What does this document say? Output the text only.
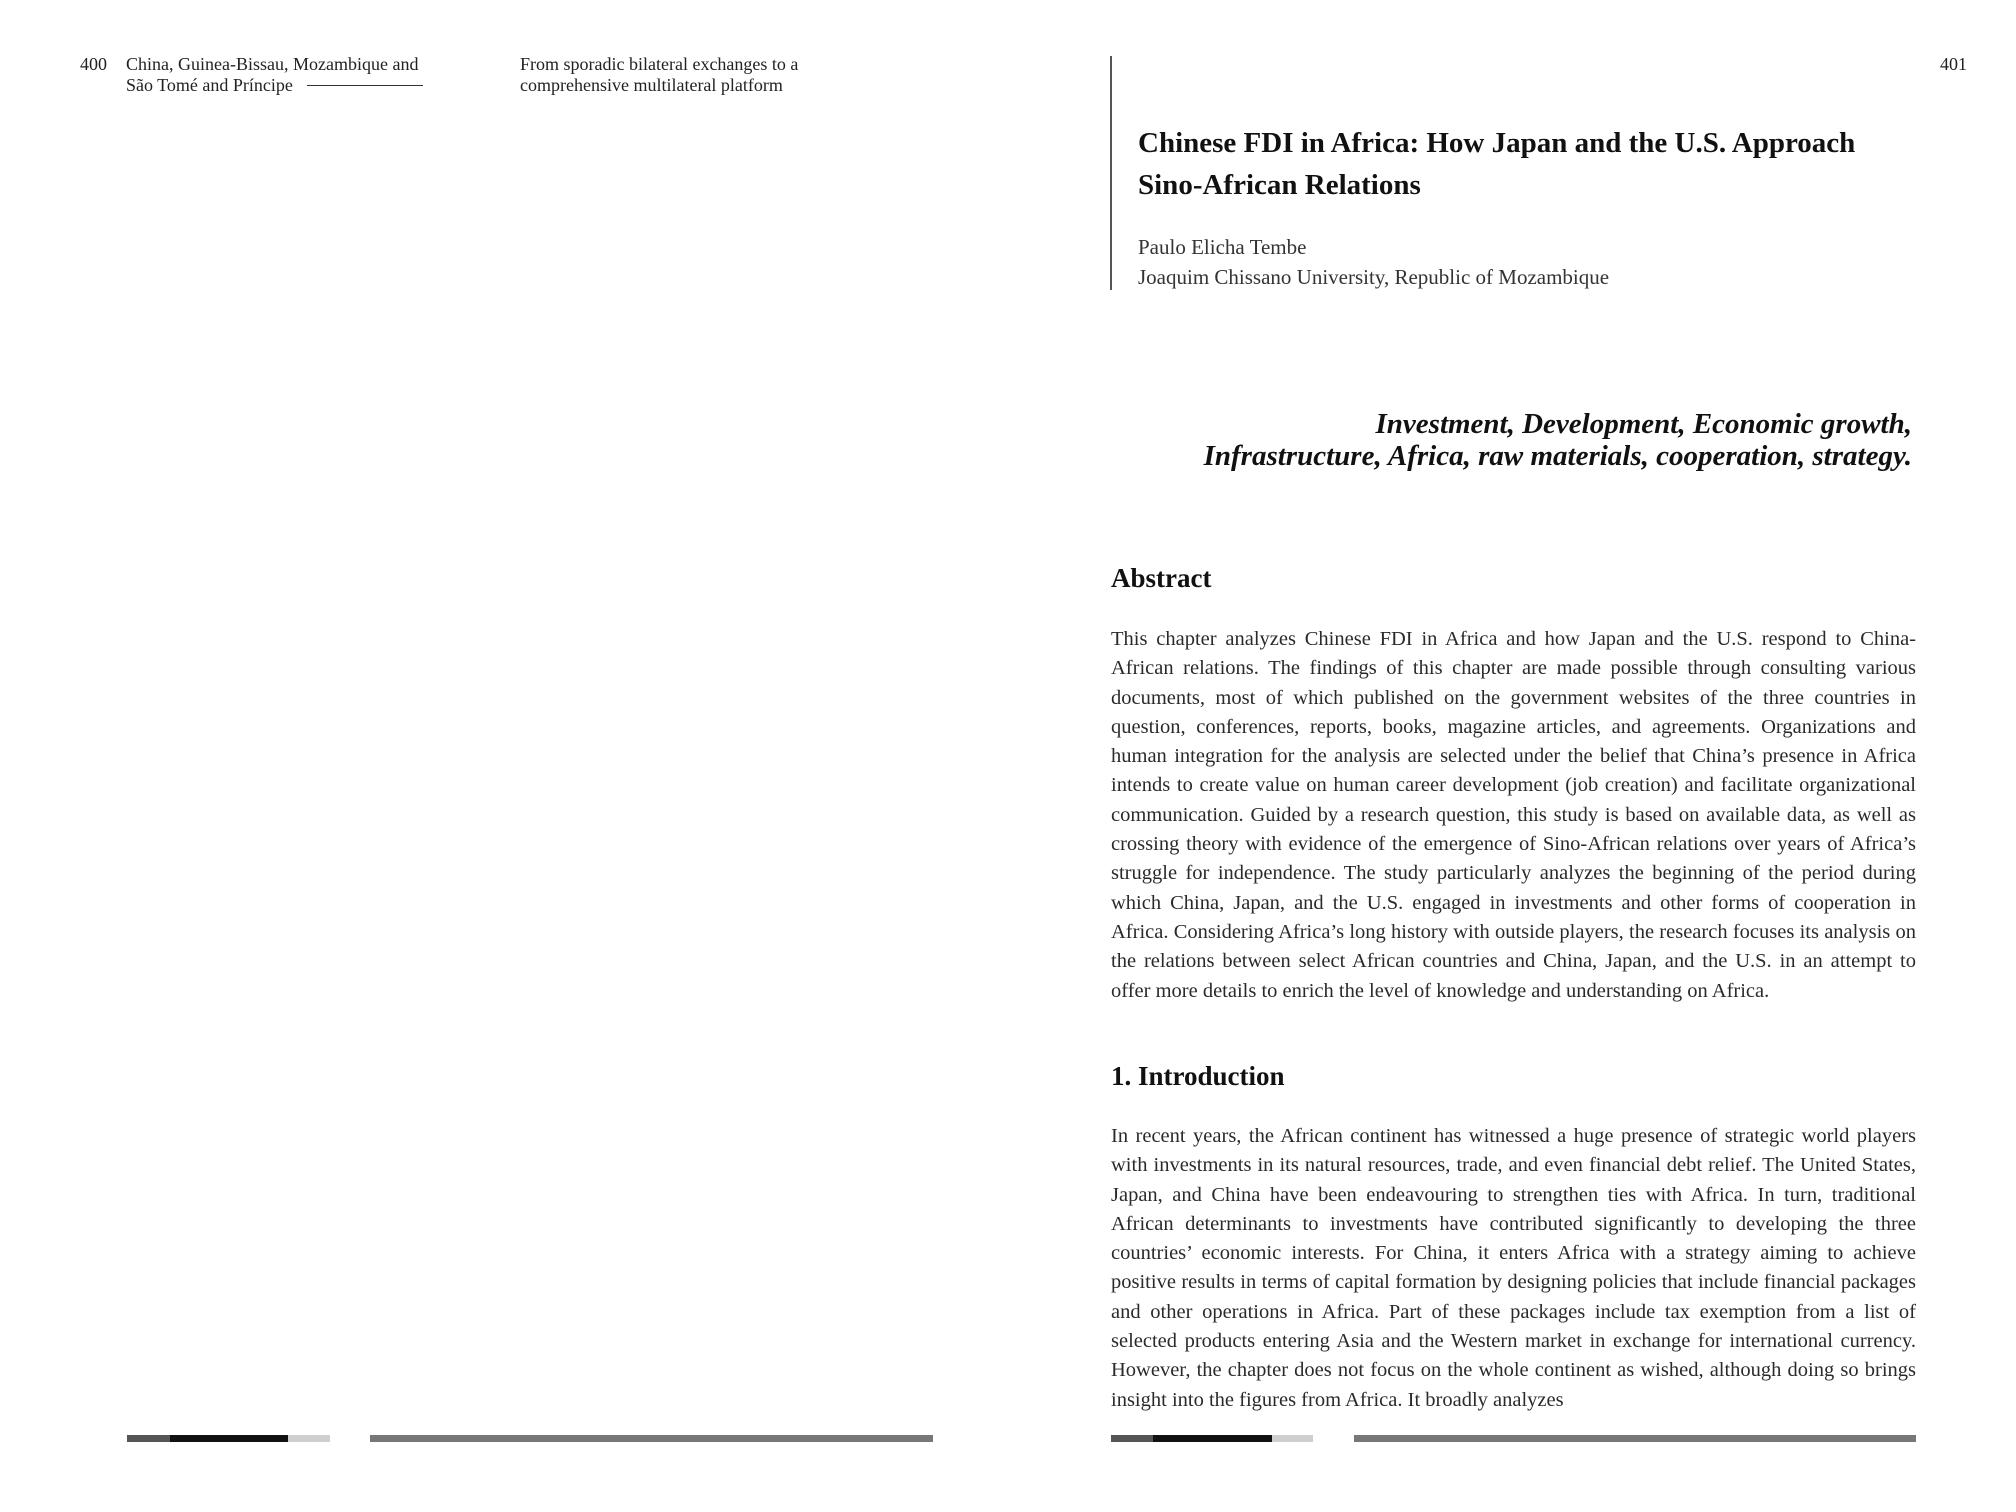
400 China, Guinea-Bissau, Mozambique and
São Tomé and Príncipe
From sporadic bilateral exchanges to a
comprehensive multilateral platform
401
Chinese FDI in Africa: How Japan and the U.S. Approach
Sino-African Relations
Paulo Elicha Tembe
Joaquim Chissano University, Republic of Mozambique
Investment, Development, Economic growth,
Infrastructure, Africa, raw materials, cooperation, strategy.
Abstract
This chapter analyzes Chinese FDI in Africa and how Japan and the U.S. respond to China-African relations. The findings of this chapter are made possible through consulting various documents, most of which published on the government websites of the three countries in question, conferences, reports, books, magazine articles, and agreements. Organizations and human integration for the analysis are selected under the belief that China’s presence in Africa intends to create value on human career development (job creation) and facilitate organizational communication. Guided by a research question, this study is based on available data, as well as crossing theory with evidence of the emergence of Sino-African relations over years of Africa’s struggle for independence. The study particularly analyzes the beginning of the period during which China, Japan, and the U.S. engaged in investments and other forms of cooperation in Africa. Considering Africa’s long history with outside players, the research focuses its analysis on the relations between select African countries and China, Japan, and the U.S. in an attempt to offer more details to enrich the level of knowledge and understanding on Africa.
1. Introduction
In recent years, the African continent has witnessed a huge presence of strategic world players with investments in its natural resources, trade, and even financial debt relief. The United States, Japan, and China have been endeavouring to strengthen ties with Africa. In turn, traditional African determinants to investments have contributed significantly to developing the three countries’ economic interests. For China, it enters Africa with a strategy aiming to achieve positive results in terms of capital formation by designing policies that include financial packages and other operations in Africa. Part of these packages include tax exemption from a list of selected products entering Asia and the Western market in exchange for international currency. However, the chapter does not focus on the whole continent as wished, although doing so brings insight into the figures from Africa. It broadly analyzes
